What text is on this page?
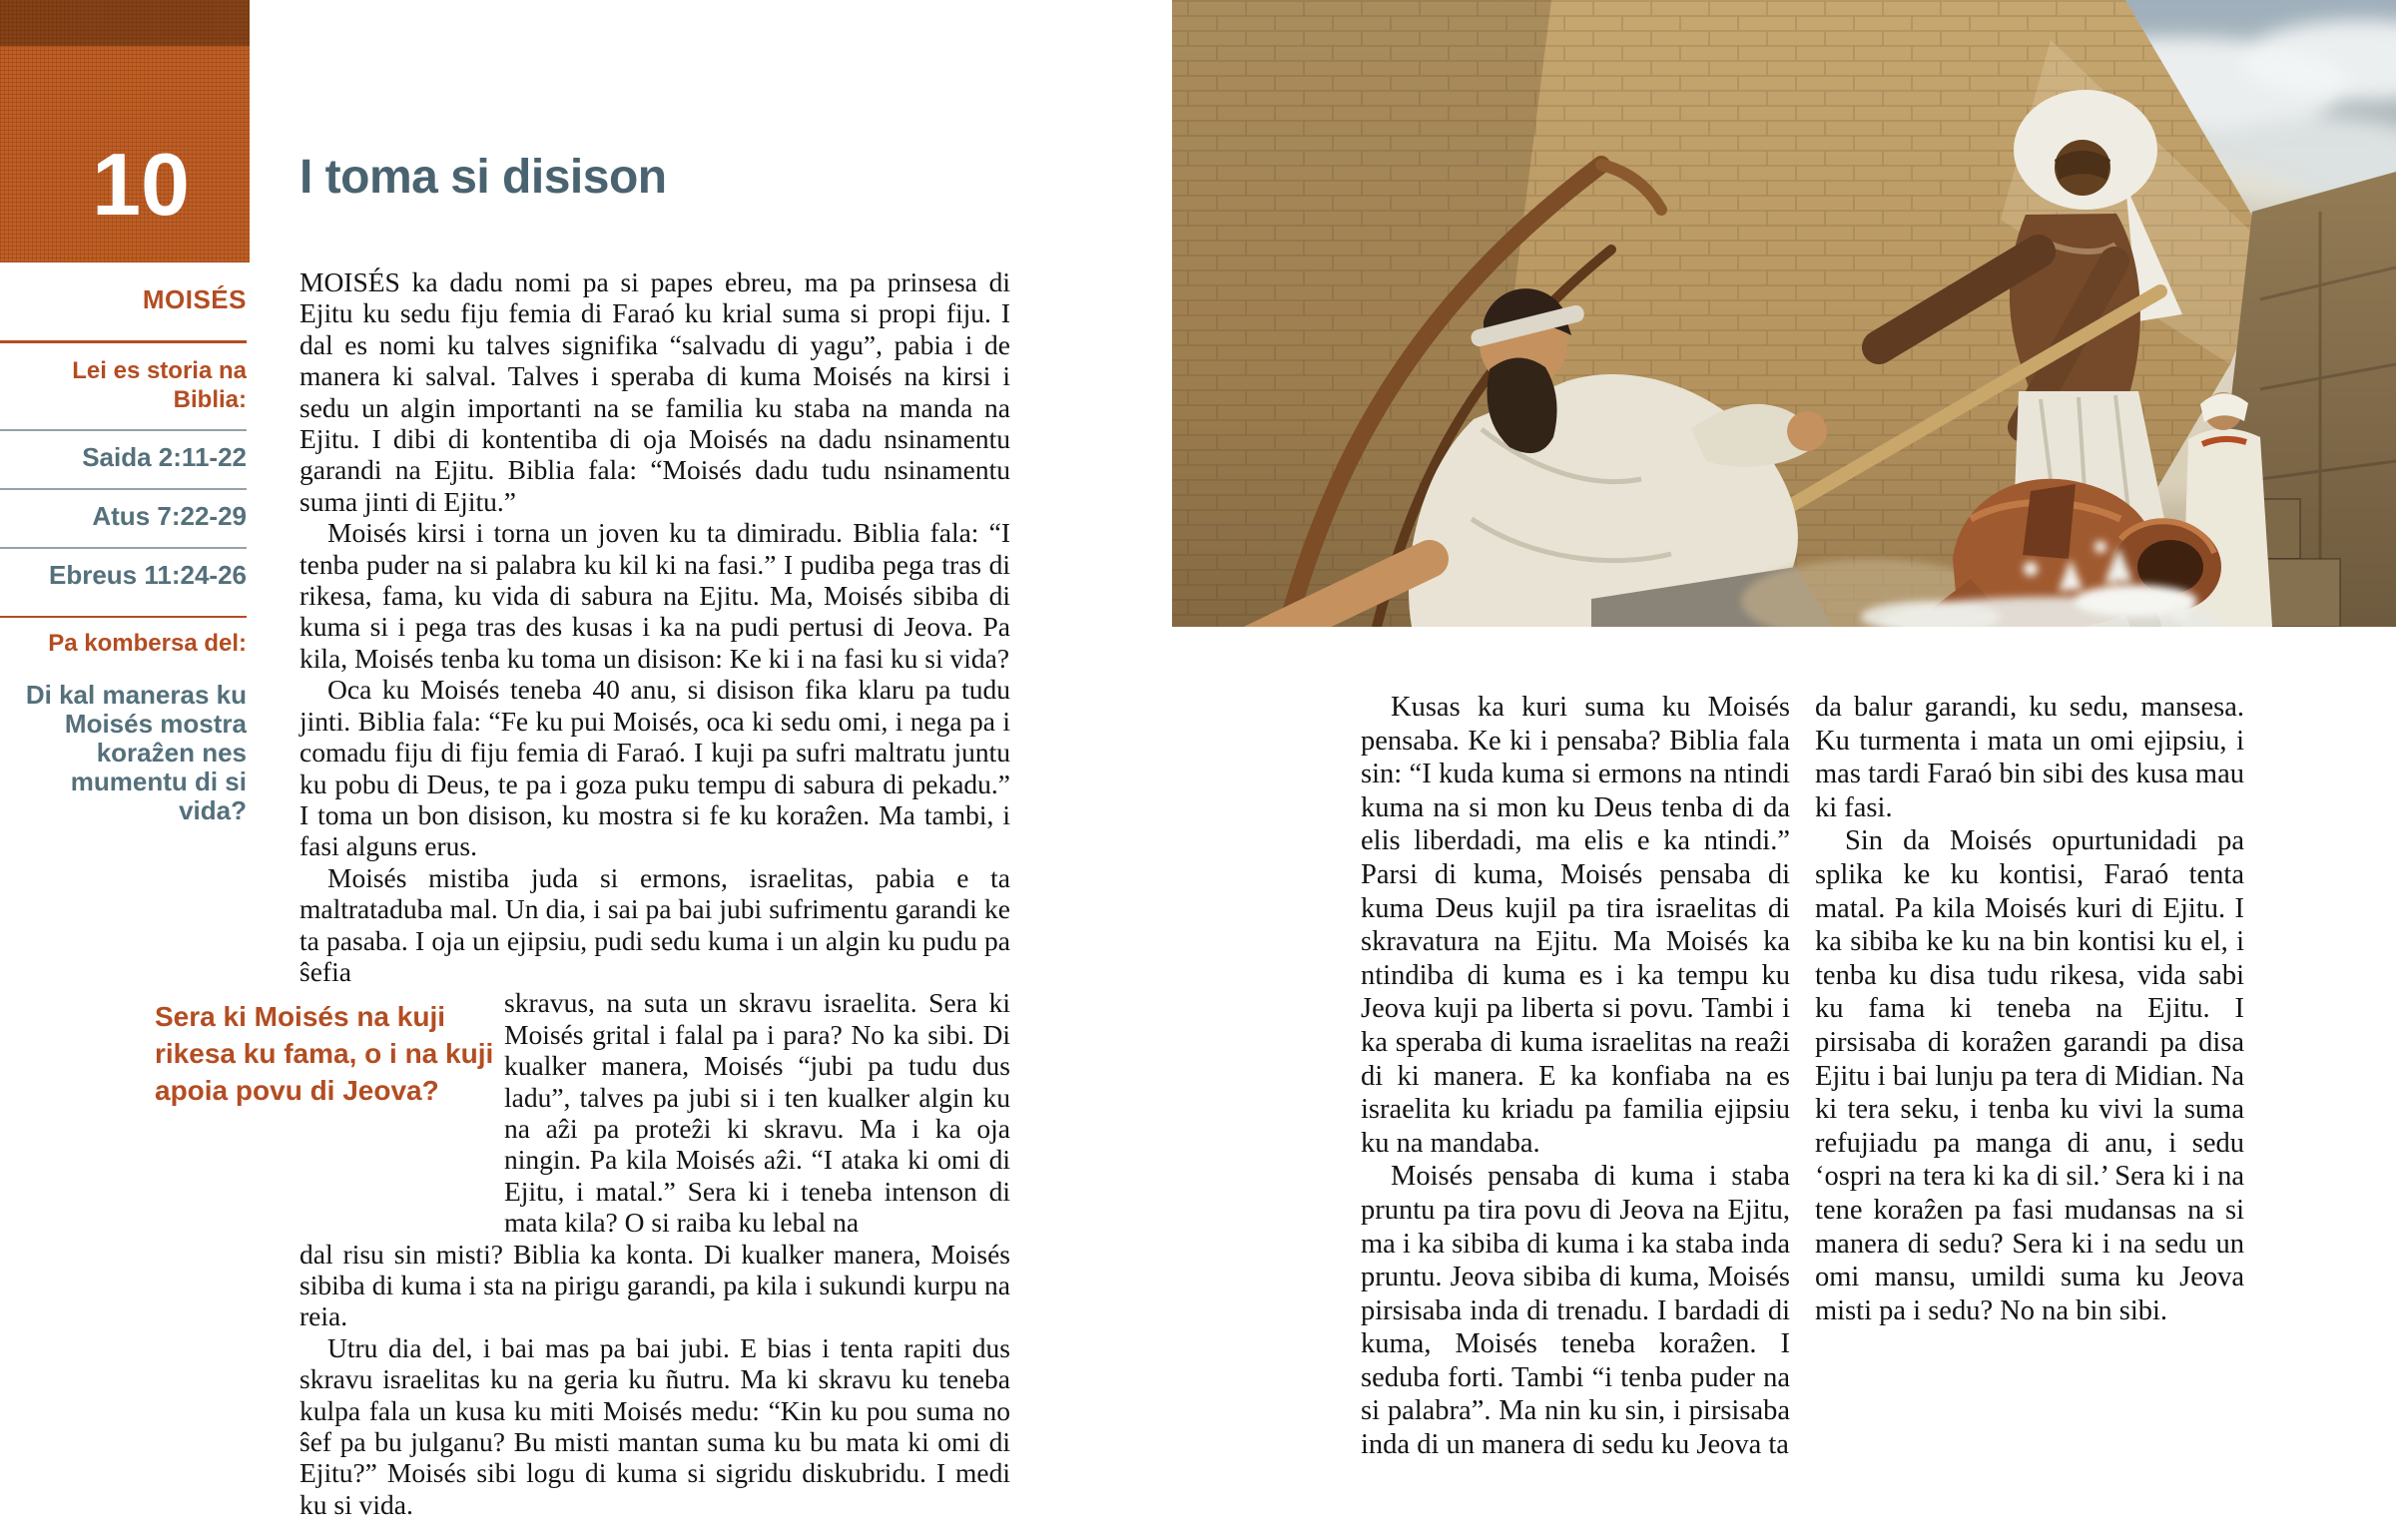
10
MOISÉS
Lei es storia na Biblia:
Saida 2:11-22
Atus 7:22-29
Ebreus 11:24-26
Pa kombersa del:
Di kal maneras ku Moisés mostra koraẑen nes mumentu di si vida?
I toma si disison

MOISÉS ka dadu nomi pa si papes ebreu, ma pa prinsesa di Ejitu ku sedu fiju femia di Faraó ku krial suma si propi fiju. I dal es nomi ku talves signifika “salvadu di yagu”, pabia i de manera ki salval. Talves i speraba di kuma Moisés na kirsi i sedu un algin importanti na se familia ku staba na manda na Ejitu. I dibi di kontentiba di oja Moisés na dadu nsinamentu garandi na Ejitu. Biblia fala: “Moisés dadu tudu nsinamentu suma jinti di Ejitu.”

Moisés kirsi i torna un joven ku ta dimiradu. Biblia fala: “I tenba puder na si palabra ku kil ki na fasi.” I pudiba pega tras di rikesa, fama, ku vida di sabura na Ejitu. Ma, Moisés sibiba di kuma si i pega tras des kusas i ka na pudi pertusi di Jeova. Pa kila, Moisés tenba ku toma un disison: Ke ki i na fasi ku si vida?

Oca ku Moisés teneba 40 anu, si disison fika klaru pa tudu jinti. Biblia fala: “Fe ku pui Moisés, oca ki sedu omi, i nega pa i comadu fiju di fiju femia di Faraó. I kuji pa sufri maltratu juntu ku pobu di Deus, te pa i goza puku tempu di sabura di pekadu.” I toma un bon disison, ku mostra si fe ku koraẑen. Ma tambi, i fasi alguns erus.

Moisés mistiba juda si ermons, israelitas, pabia e ta maltrataduba mal. Un dia, i sai pa bai jubi sufrimentu garandi ke ta pasaba. I oja un ejipsiu, pudi sedu kuma i un algin ku pudu pa ŝefia

skravus, na suta un skravu israelita. Sera ki Moisés grital i falal pa i para? No ka sibi. Di kualker manera, Moisés “jubi pa tudu dus ladu”, talves pa jubi si i ten kualker algin ku na aẑi pa proteẑi ki skravu. Ma i ka oja ningin. Pa kila Moisés aẑi. “I ataka ki omi di Ejitu, i matal.” Sera ki i teneba intenson di mata kila? O si raiba ku lebal na

dal risu sin misti? Biblia ka konta. Di kualker manera, Moisés sibiba di kuma i sta na pirigu garandi, pa kila i sukundi kurpu na reia.

Utru dia del, i bai mas pa bai jubi. E bias i tenta rapiti dus skravu israelitas ku na geria ku ñutru. Ma ki skravu ku teneba kulpa fala un kusa ku miti Moisés medu: “Kin ku pou suma no ŝef pa bu julganu? Bu misti mantan suma ku bu mata ki omi di Ejitu?” Moisés sibi logu di kuma si sigridu diskubridu. I medi ku si vida.

Sera ki Moisés na kuji rikesa ku fama, o i na kuji apoia povu di Jeova?

Kusas ka kuri suma ku Moisés pensaba. Ke ki i pensaba? Biblia fala sin: “I kuda kuma si ermons na ntindi kuma na si mon ku Deus tenba di da elis liberdadi, ma elis e ka ntindi.” Parsi di kuma, Moisés pensaba di kuma Deus kujil pa tira israelitas di skravatura na Ejitu. Ma Moisés ka ntindiba di kuma es i ka tempu ku Jeova kuji pa liberta si povu. Tambi i ka speraba di kuma israelitas na reaẑi di ki manera. E ka konfiaba na es israelita ku kriadu pa familia ejipsiu ku na mandaba.

Moisés pensaba di kuma i staba pruntu pa tira povu di Jeova na Ejitu, ma i ka sibiba di kuma i ka staba inda pruntu. Jeova sibiba di kuma, Moisés pirsisaba inda di trenadu. I bardadi di kuma, Moisés teneba koraẑen. I seduba forti. Tambi “i tenba puder na si palabra”. Ma nin ku sin, i pirsisaba inda di un manera di sedu ku Jeova ta

da balur garandi, ku sedu, mansesa. Ku turmenta i mata un omi ejipsiu, i mas tardi Faraó bin sibi des kusa mau ki fasi.

Sin da Moisés opurtunidadi pa splika ke ku kontisi, Faraó tenta matal. Pa kila Moisés kuri di Ejitu. I ka sibiba ke ku na bin kontisi ku el, i tenba ku disa tudu rikesa, vida sabi ku fama ki teneba na Ejitu. I pirsisaba di koraẑen garandi pa disa Ejitu i bai lunju pa tera di Midian. Na ki tera seku, i tenba ku vivi la suma refujiadu pa manga di anu, i sedu ‘ospri na tera ki ka di sil.’ Sera ki i na tene koraẑen pa fasi mudansas na si manera di sedu? Sera ki i na sedu un omi mansu, umildi suma ku Jeova misti pa i sedu? No na bin sibi.
